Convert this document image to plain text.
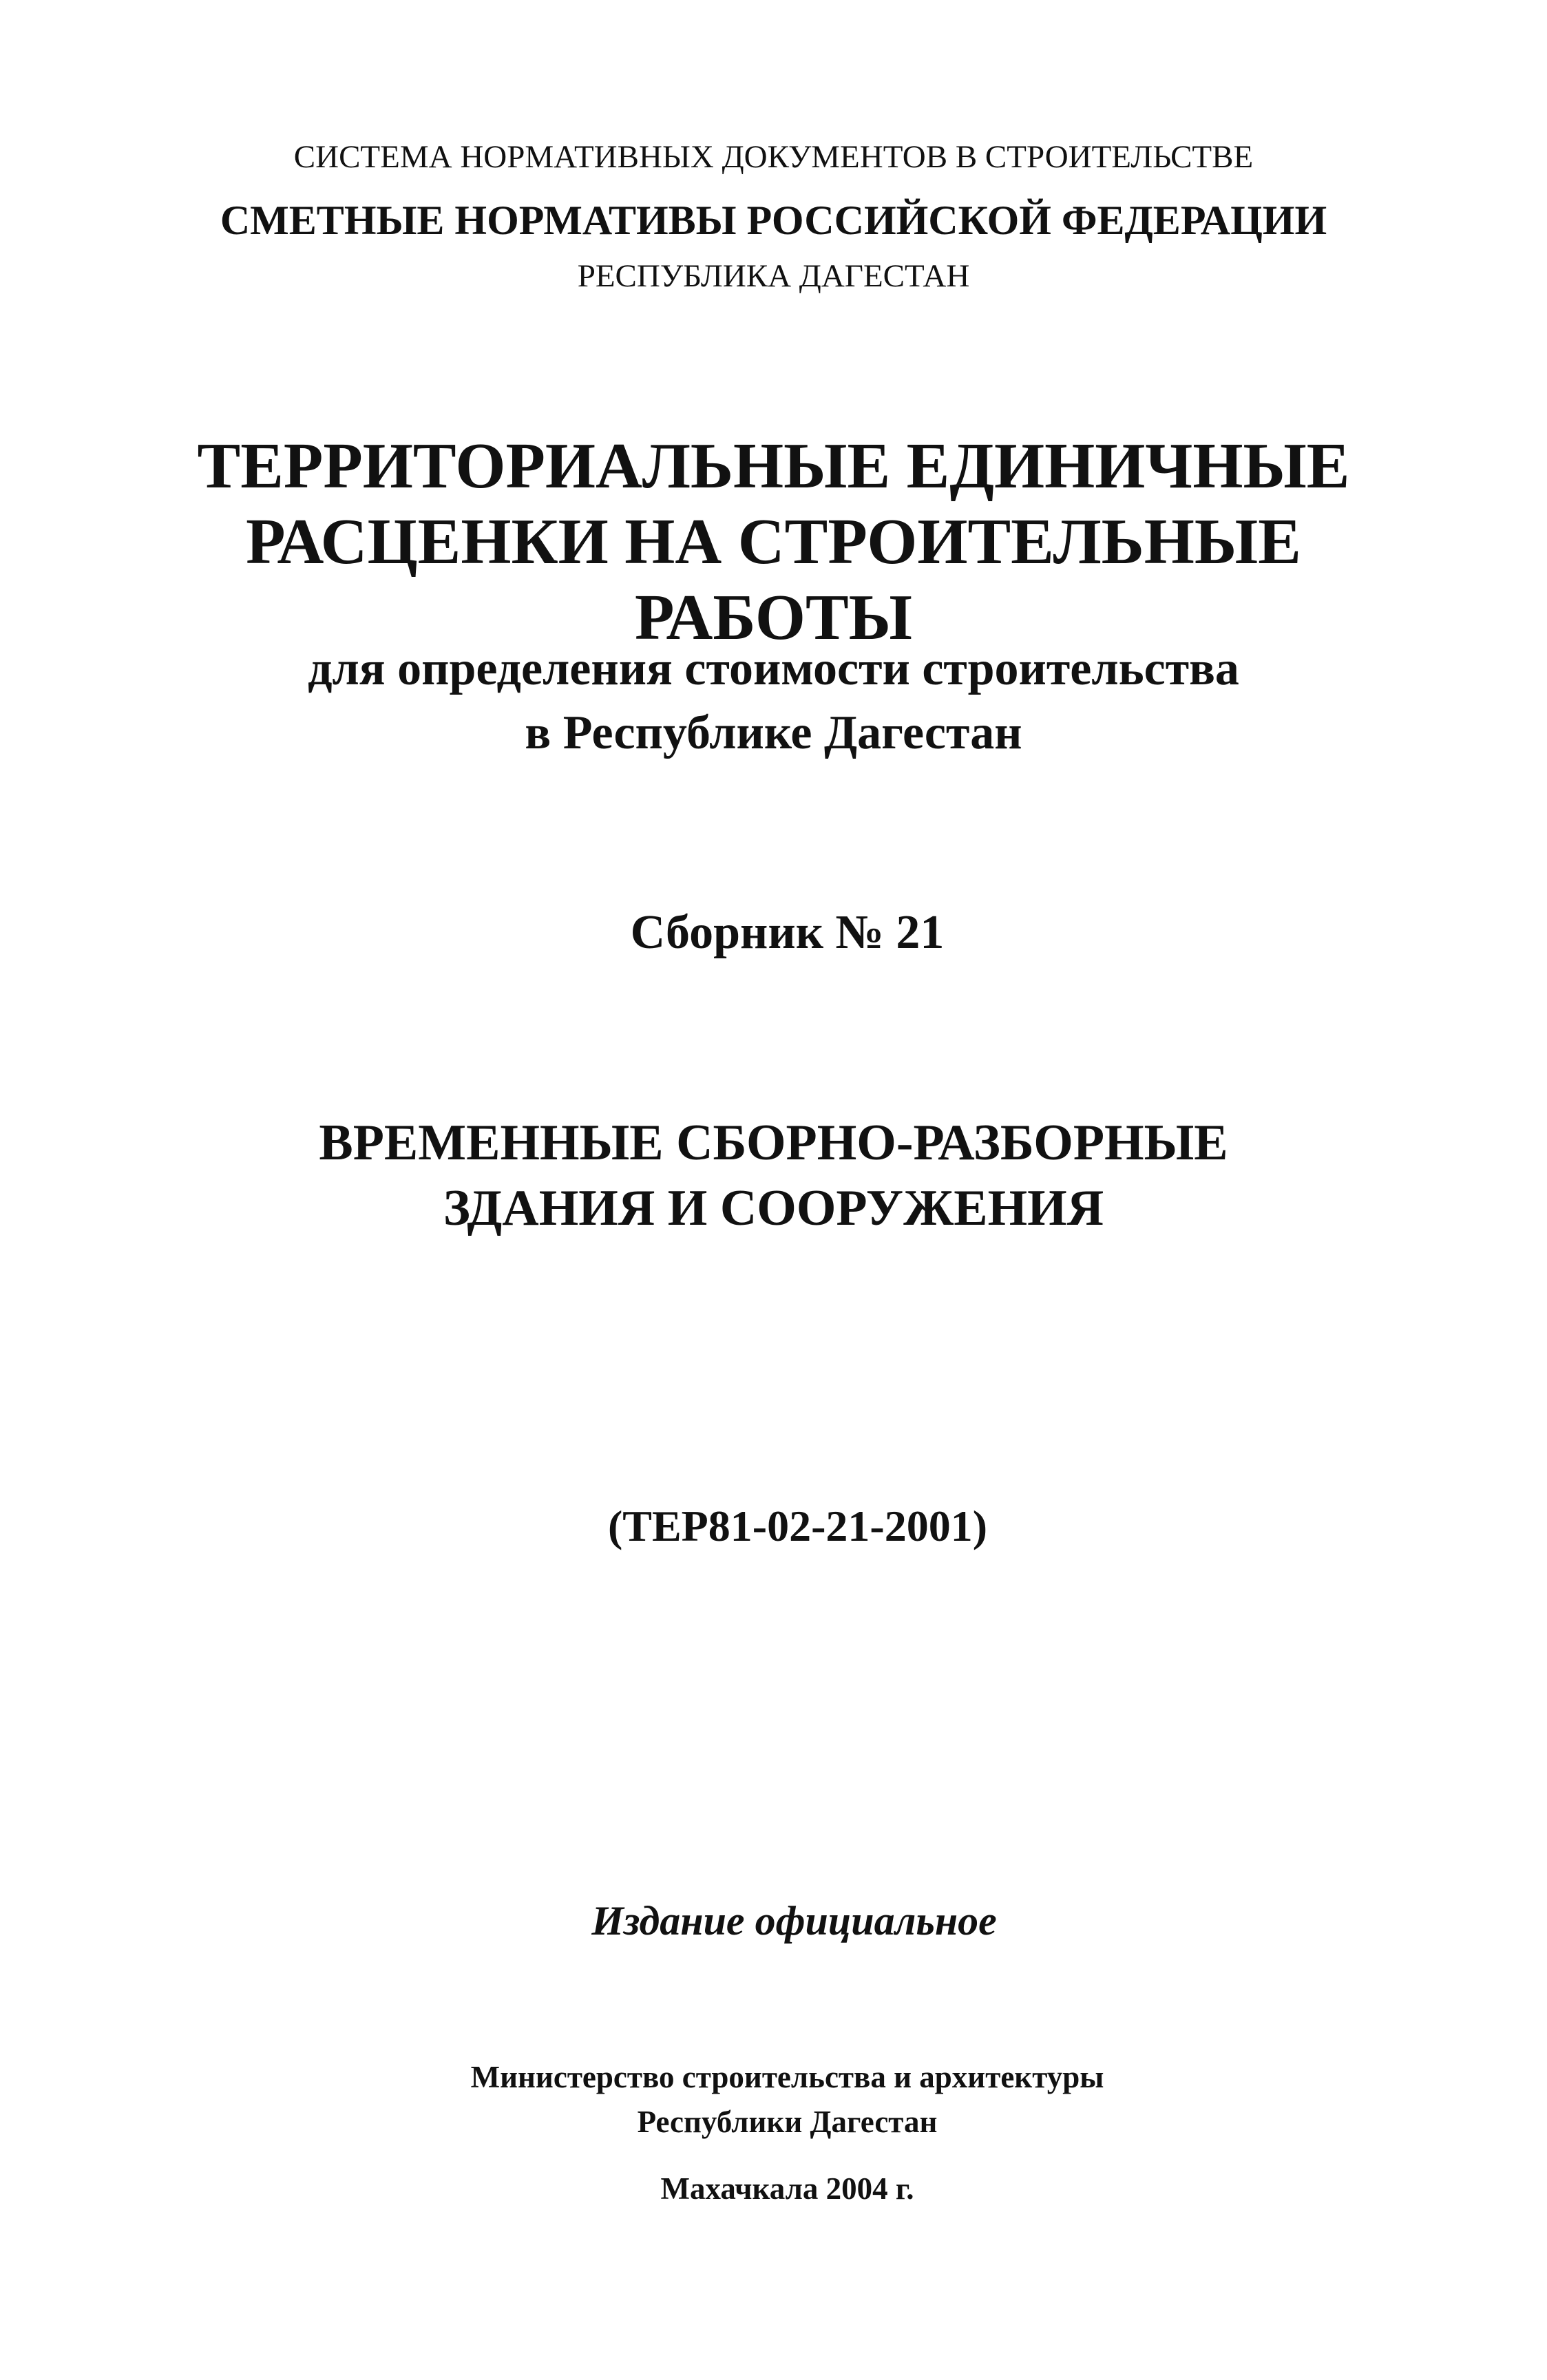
СИСТЕМА НОРМАТИВНЫХ ДОКУМЕНТОВ В СТРОИТЕЛЬСТВЕ
СМЕТНЫЕ НОРМАТИВЫ РОССИЙСКОЙ ФЕДЕРАЦИИ
РЕСПУБЛИКА ДАГЕСТАН
ТЕРРИТОРИАЛЬНЫЕ ЕДИНИЧНЫЕ
РАСЦЕНКИ НА СТРОИТЕЛЬНЫЕ
РАБОТЫ
для определения стоимости строительства
в Республике Дагестан
Сборник № 21
ВРЕМЕННЫЕ СБОРНО-РАЗБОРНЫЕ
ЗДАНИЯ И СООРУЖЕНИЯ
(ТЕР81-02-21-2001)
Издание официальное
Министерство строительства и архитектуры
Республики Дагестан
Махачкала 2004 г.
